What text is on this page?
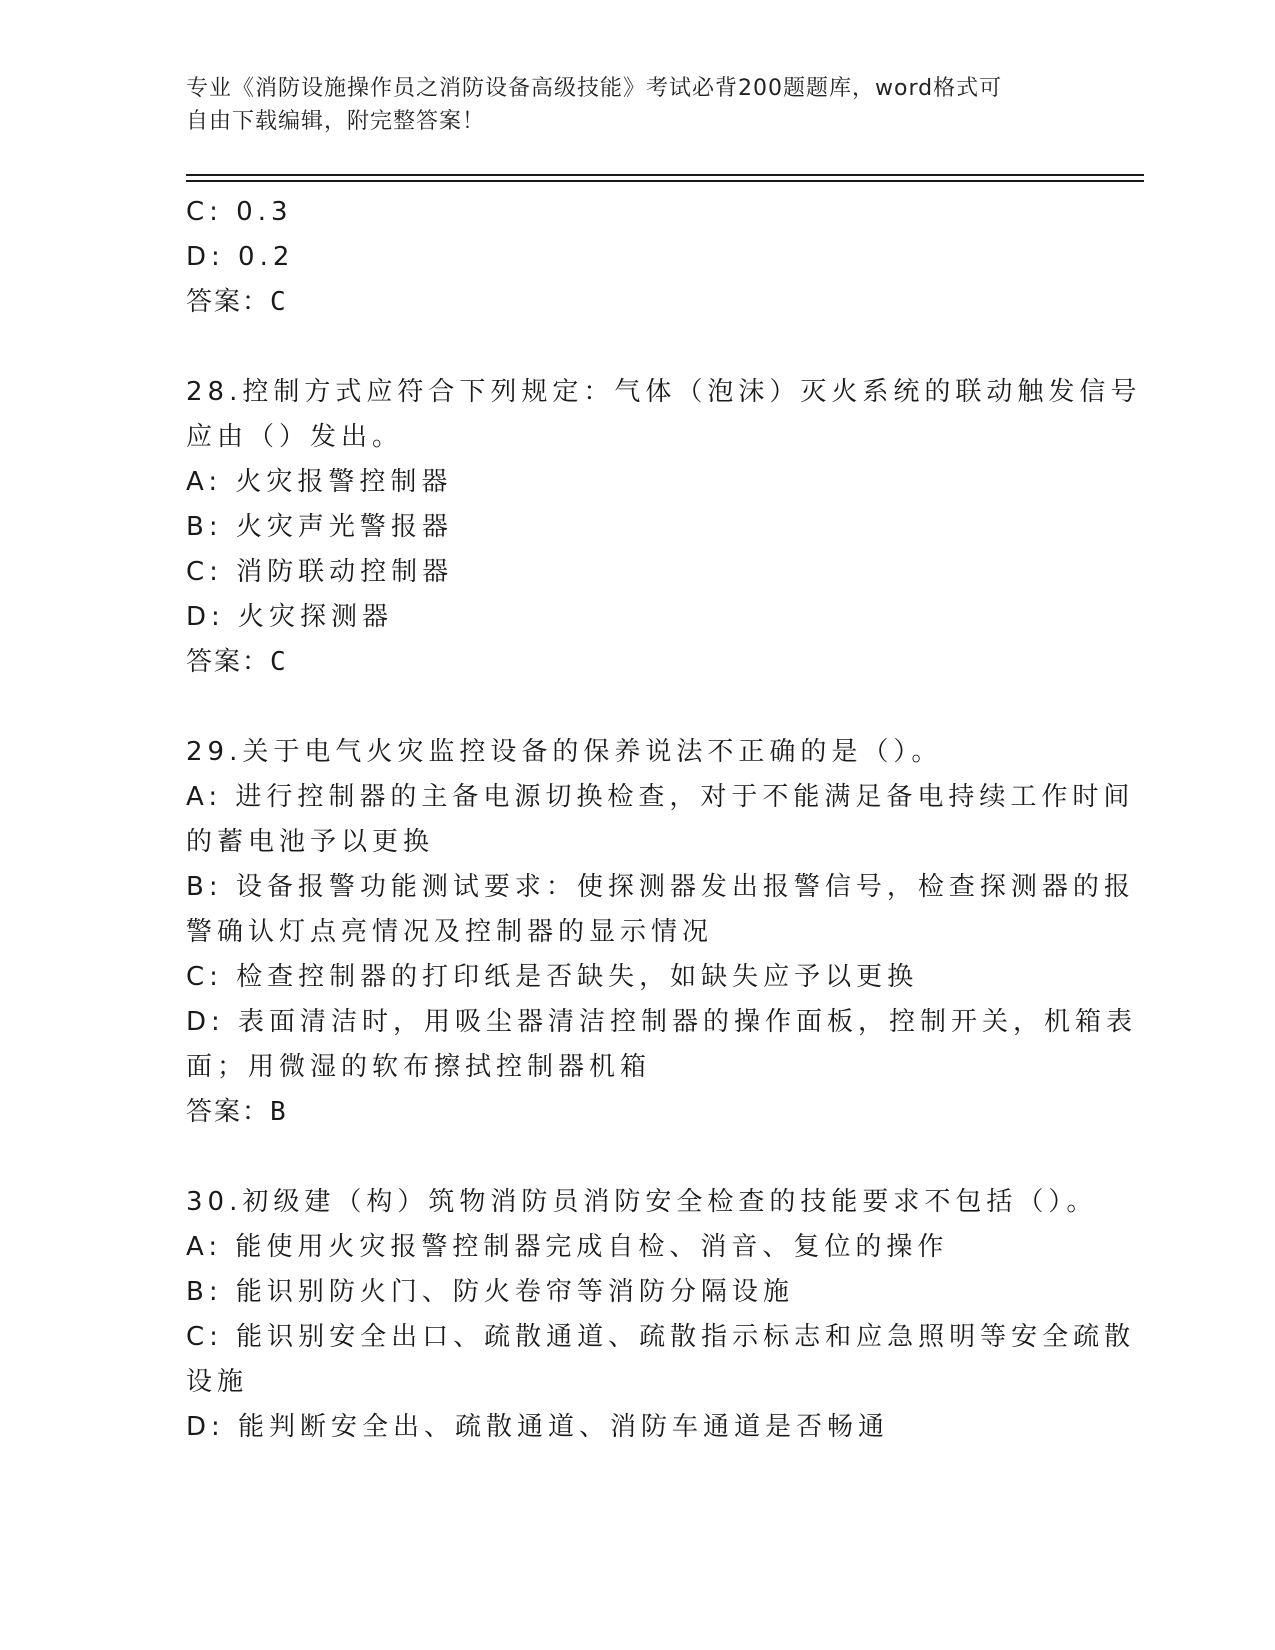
专业《消防设施操作员之消防设备高级技能》考试必背200题题库，word格式可
自由下载编辑，附完整答案！
C: 0.3
D: 0.2
答案：C
28.控制方式应符合下列规定：气体（泡沫）灭火系统的联动触发信号
应由（）发出。
A: 火灾报警控制器
B: 火灾声光警报器
C: 消防联动控制器
D: 火灾探测器
答案：C
29.关于电气火灾监控设备的保养说法不正确的是（）。
A: 进行控制器的主备电源切换检查，对于不能满足备电持续工作时间
的蓄电池予以更换
B: 设备报警功能测试要求：使探测器发出报警信号，检查探测器的报
警确认灯点亮情况及控制器的显示情况
C: 检查控制器的打印纸是否缺失，如缺失应予以更换
D: 表面清洁时，用吸尘器清洁控制器的操作面板，控制开关，机箱表
面；用微湿的软布擦拭控制器机箱
答案：B
30.初级建（构）筑物消防员消防安全检查的技能要求不包括（）。
A: 能使用火灾报警控制器完成自检、消音、复位的操作
B: 能识别防火门、防火卷帘等消防分隔设施
C: 能识别安全出口、疏散通道、疏散指示标志和应急照明等安全疏散
设施
D: 能判断安全出、疏散通道、消防车通道是否畅通
